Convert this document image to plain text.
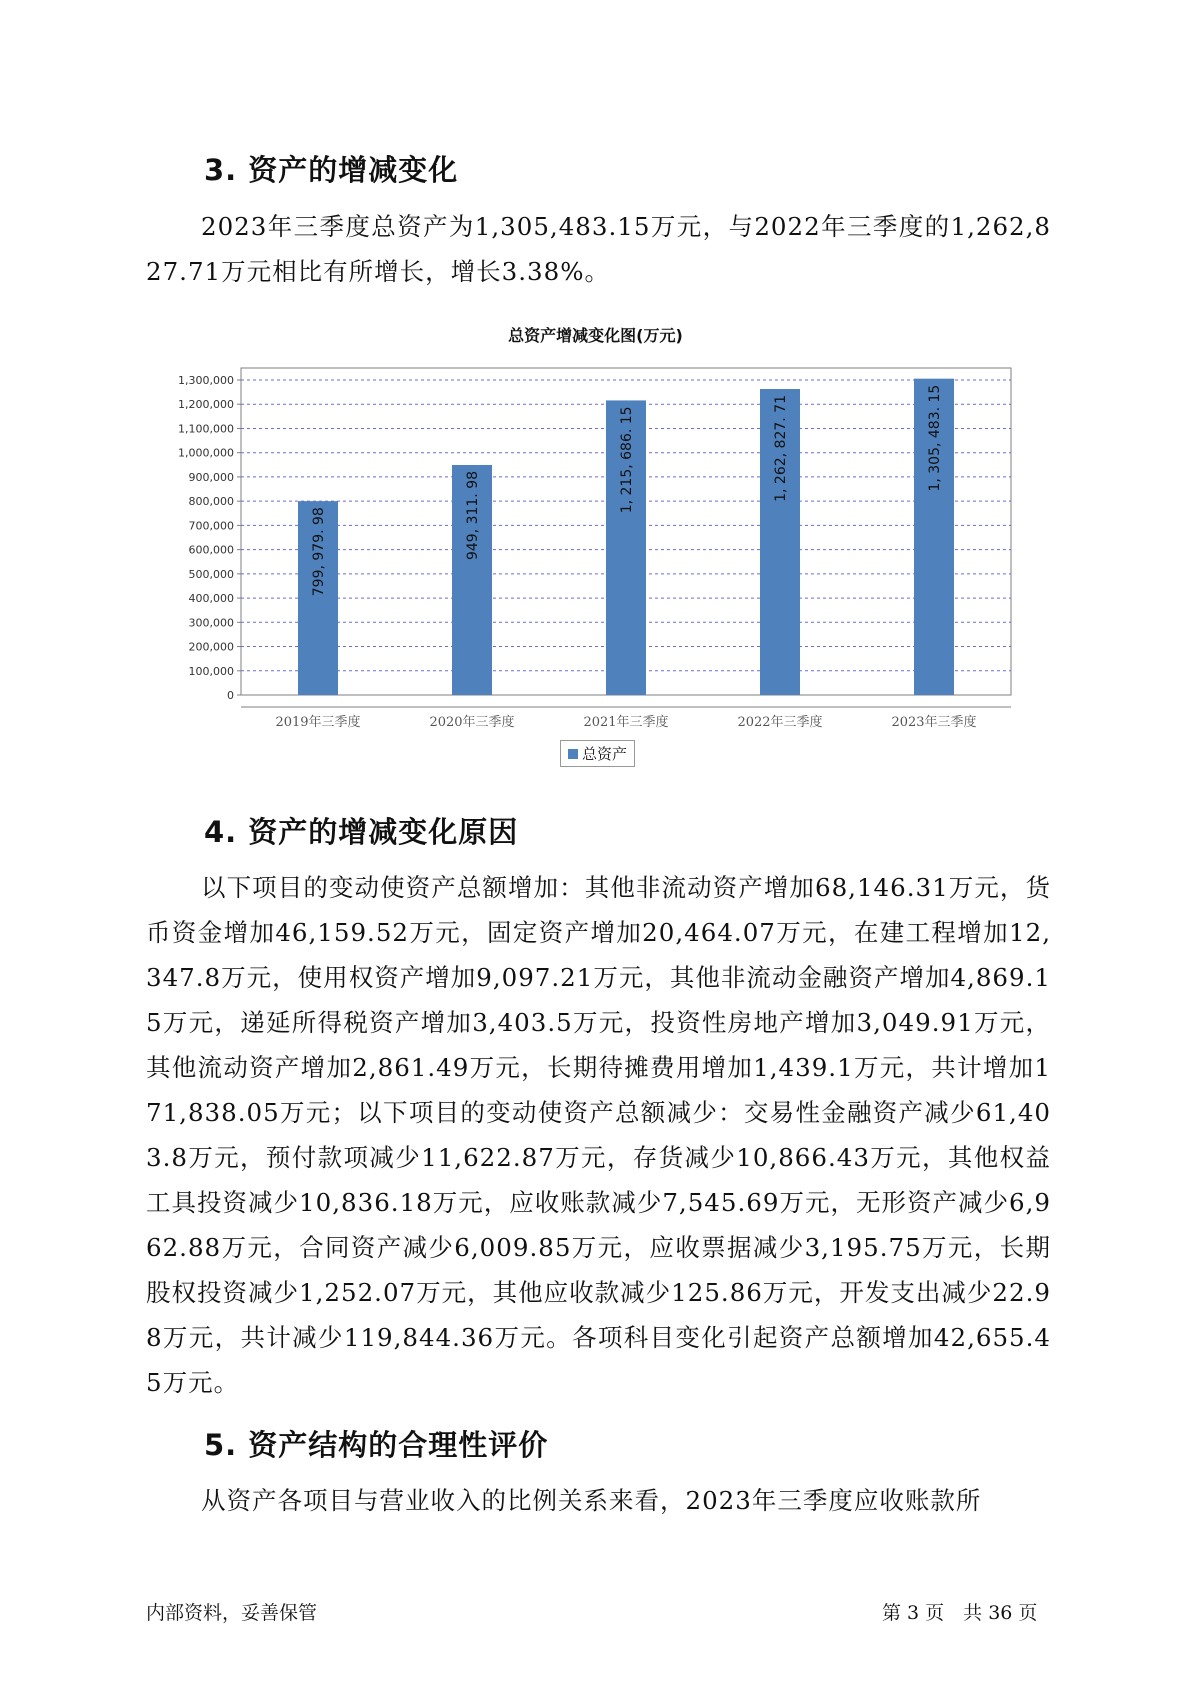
3. 资产的增减变化

2023年三季度总资产为1,305,483.15万元，与2022年三季度的1,262,827.71万元相比有所增长，增长3.38%。

总资产增减变化图(万元)
0
100,000
200,000
300,000
400,000
500,000
600,000
700,000
800,000
900,000
1,000,000
1,100,000
1,200,000
1,300,000
799, 979. 98
2019年三季度
949, 311. 98
2020年三季度
1, 215, 686. 15
2021年三季度
1, 262, 827. 71
2022年三季度
1, 305, 483. 15
2023年三季度
总资产
4. 资产的增减变化原因

以下项目的变动使资产总额增加：其他非流动资产增加68,146.31万元，货币资金增加46,159.52万元，固定资产增加20,464.07万元，在建工程增加12,347.8万元，使用权资产增加9,097.21万元，其他非流动金融资产增加4,869.15万元，递延所得税资产增加3,403.5万元，投资性房地产增加3,049.91万元，其他流动资产增加2,861.49万元，长期待摊费用增加1,439.1万元，共计增加171,838.05万元；以下项目的变动使资产总额减少：交易性金融资产减少61,403.8万元，预付款项减少11,622.87万元，存货减少10,866.43万元，其他权益工具投资减少10,836.18万元，应收账款减少7,545.69万元，无形资产减少6,962.88万元，合同资产减少6,009.85万元，应收票据减少3,195.75万元，长期股权投资减少1,252.07万元，其他应收款减少125.86万元，开发支出减少22.98万元，共计减少119,844.36万元。各项科目变化引起资产总额增加42,655.45万元。

5. 资产结构的合理性评价

从资产各项目与营业收入的比例关系来看，2023年三季度应收账款所

内部资料，妥善保管	第 3 页　共 36 页
